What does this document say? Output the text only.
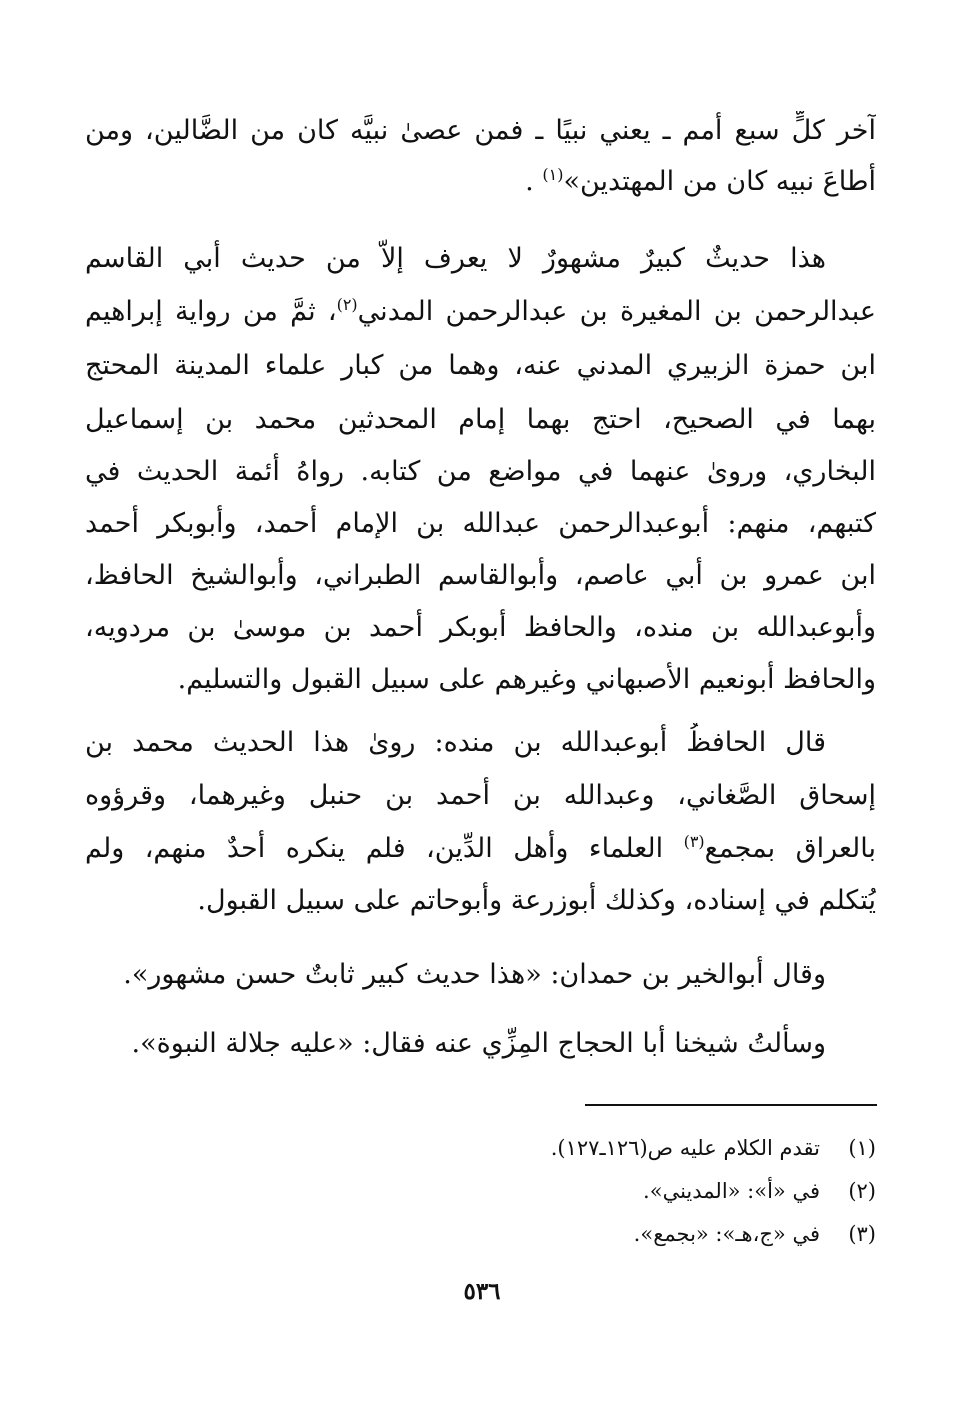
آخر كلٍّ سبع أُمم ـ يعني نبيًا ـ فمن عصىٰ نبيَّه كان من الضَّالين، ومن
أطاعَ نبيه كان من المهتدين»$^{(١)}$ .
هذا حديثٌ كبيرٌ مشهورٌ لا يعرف إلاَّ من حديث أبي القاسم
عبدالرحمن بن المغيرة بن عبدالرحمن المدني$^{(٢)}$، ثمَّ من رواية إبراهيم
ابن حمزة الزبيري المدني عنه، وهما من كبار علماء المدينة المحتج
بهما في الصحيح، احتج بهما إمام المحدثين محمد بن إسماعيل
البخاري، ورویٰ عنهما في مواضع من كتابه. رواهُ أئمة الحديث في
كتبهم، منهم: أبوعبدالرحمن عبدالله بن الإمام أحمد، وأبوبكر أحمد
ابن عمرو بن أبي عاصم، وأبوالقاسم الطبراني، وأبوالشيخ الحافظ،
وأبوعبدالله بن منده، والحافظ أبوبكر أحمد بن موسىٰ بن مردويه،
والحافظ أبونعيم الأصبهاني وغيرهم على سبيل القبول والتسليم.
قال الحافظُ أبوعبدالله بن منده: رویٰ هذا الحديث محمد بن
إسحاق الصَّغاني، وعبدالله بن أحمد بن حنبل وغيرهما، وقرؤوه
بالعراق بمجمع$^{(٣)}$ العلماء وأهل الدِّين، فلم ينكره أحدٌ منهم، ولم
يُتكلم في إسناده، وكذلك أبوزرعة وأبوحاتم على سبيل القبول.
وقال أبوالخير بن حمدان: «هذا حديث كبير ثابتٌ حسن مشهور».
وسألتُ شيخنا أبا الحجاج المِزِّي عنه فقال: «عليه جلالة النبوة».
(١)تقدم الكلام عليه ص(١٢٦ـ١٢٧).
(٢)في «أ»: «المديني».
(٣)في «ج،هـ»: «بجمع».
٥٣٦
